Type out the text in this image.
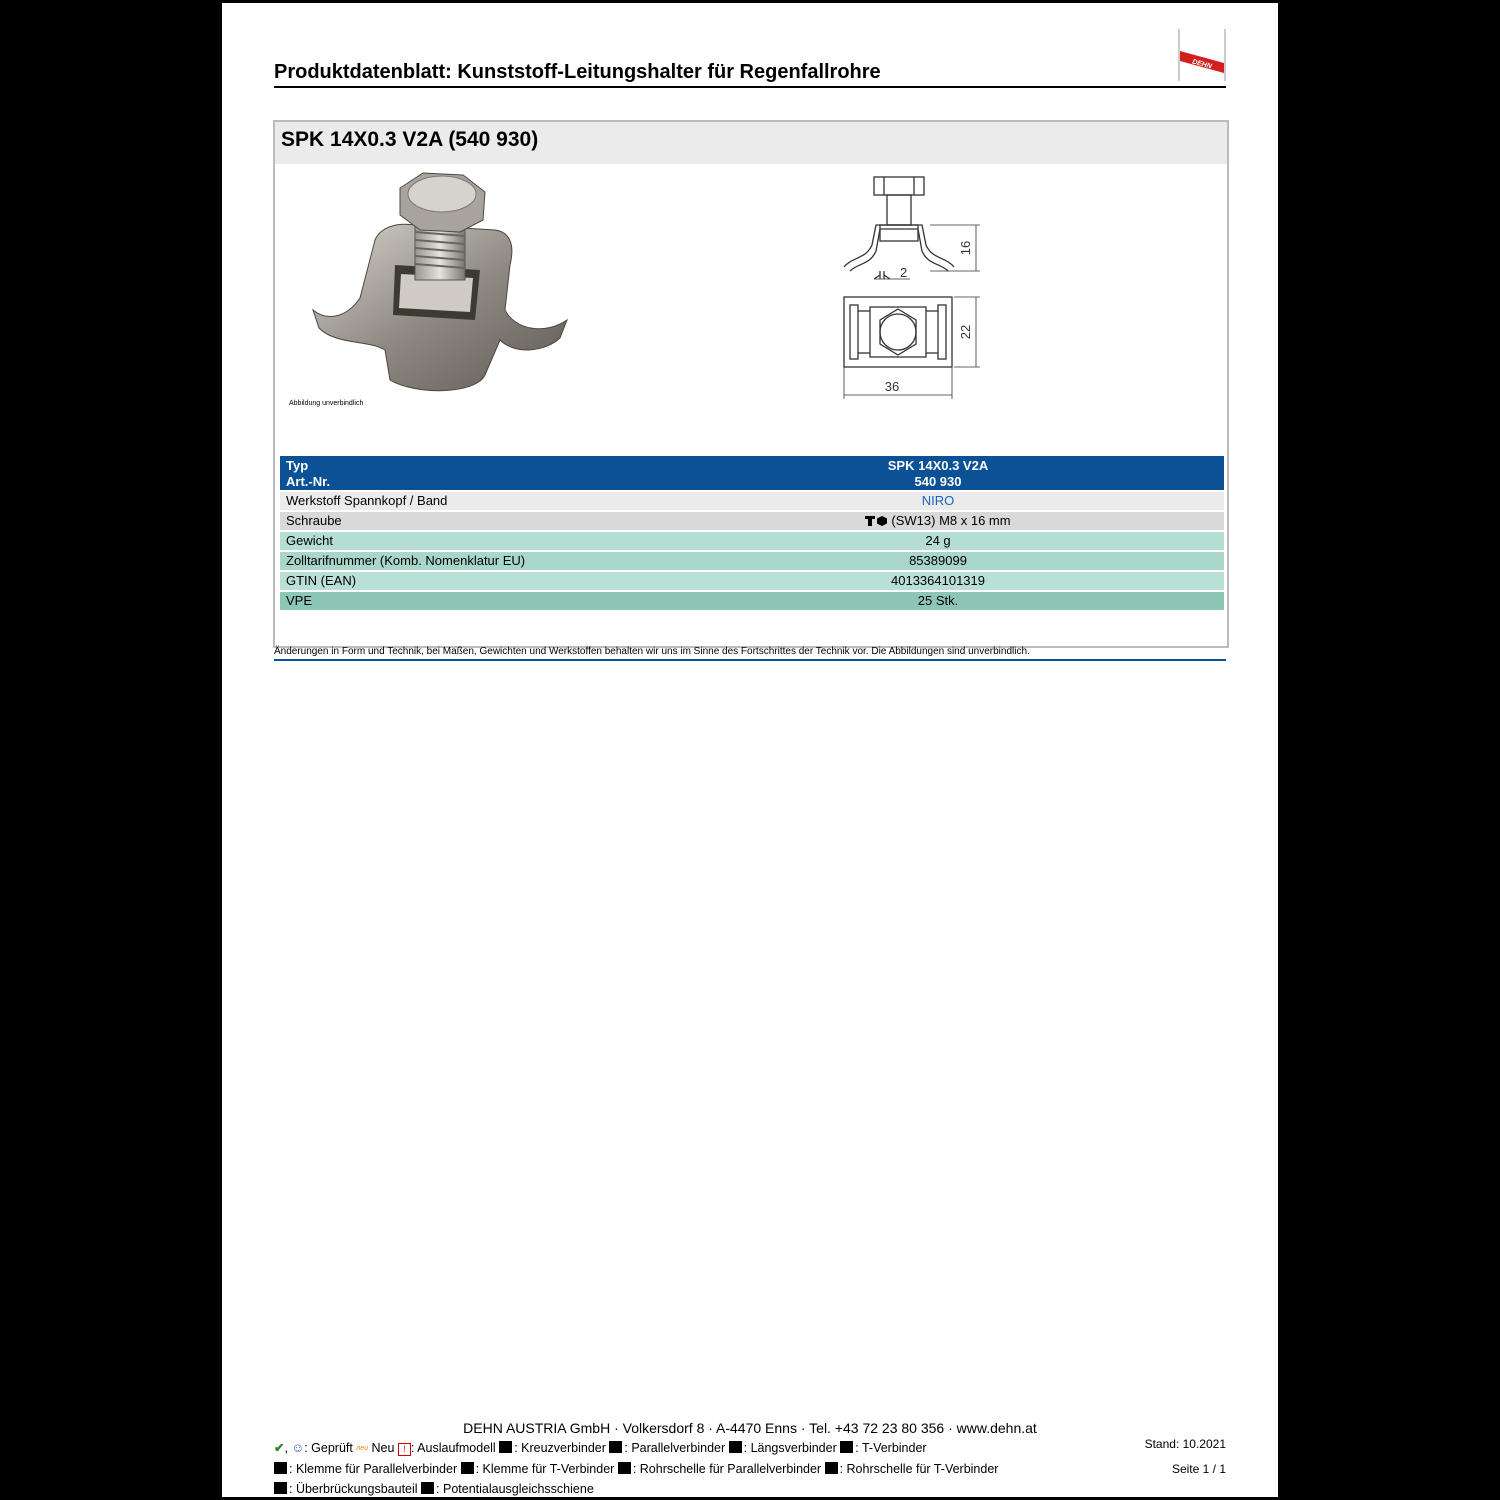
Produktdatenblatt: Kunststoff-Leitungshalter für Regenfallrohre	DEHN
SPK 14X0.3 V2A (540 930)
Abbildung unverbindlich
16
2
22
36
Typ	SPK 14X0.3 V2A
Art.-Nr.	540 930
Werkstoff Spannkopf / Band	NIRO
Schraube	(SW13) M8 x 16 mm
Gewicht	24 g
Zolltarifnummer (Komb. Nomenklatur EU)	85389099
GTIN (EAN)	4013364101319
VPE	25 Stk.
Änderungen in Form und Technik, bei Maßen, Gewichten und Werkstoffen behalten wir uns im Sinne des Fortschrittes der Technik vor. Die Abbildungen sind unverbindlich.
DEHN AUSTRIA GmbH · Volkersdorf 8 · A-4470 Enns · Tel. +43 72 23 80 356 · www.dehn.at
✔, ☺: Geprüft neu Neu ! : Auslaufmodell : Kreuzverbinder : Parallelverbinder : Längsverbinder : T-Verbinder
: Klemme für Parallelverbinder : Klemme für T-Verbinder : Rohrschelle für Parallelverbinder : Rohrschelle für T-Verbinder
: Überbrückungsbauteil : Potentialausgleichsschiene
Stand: 10.2021
Seite 1 / 1
